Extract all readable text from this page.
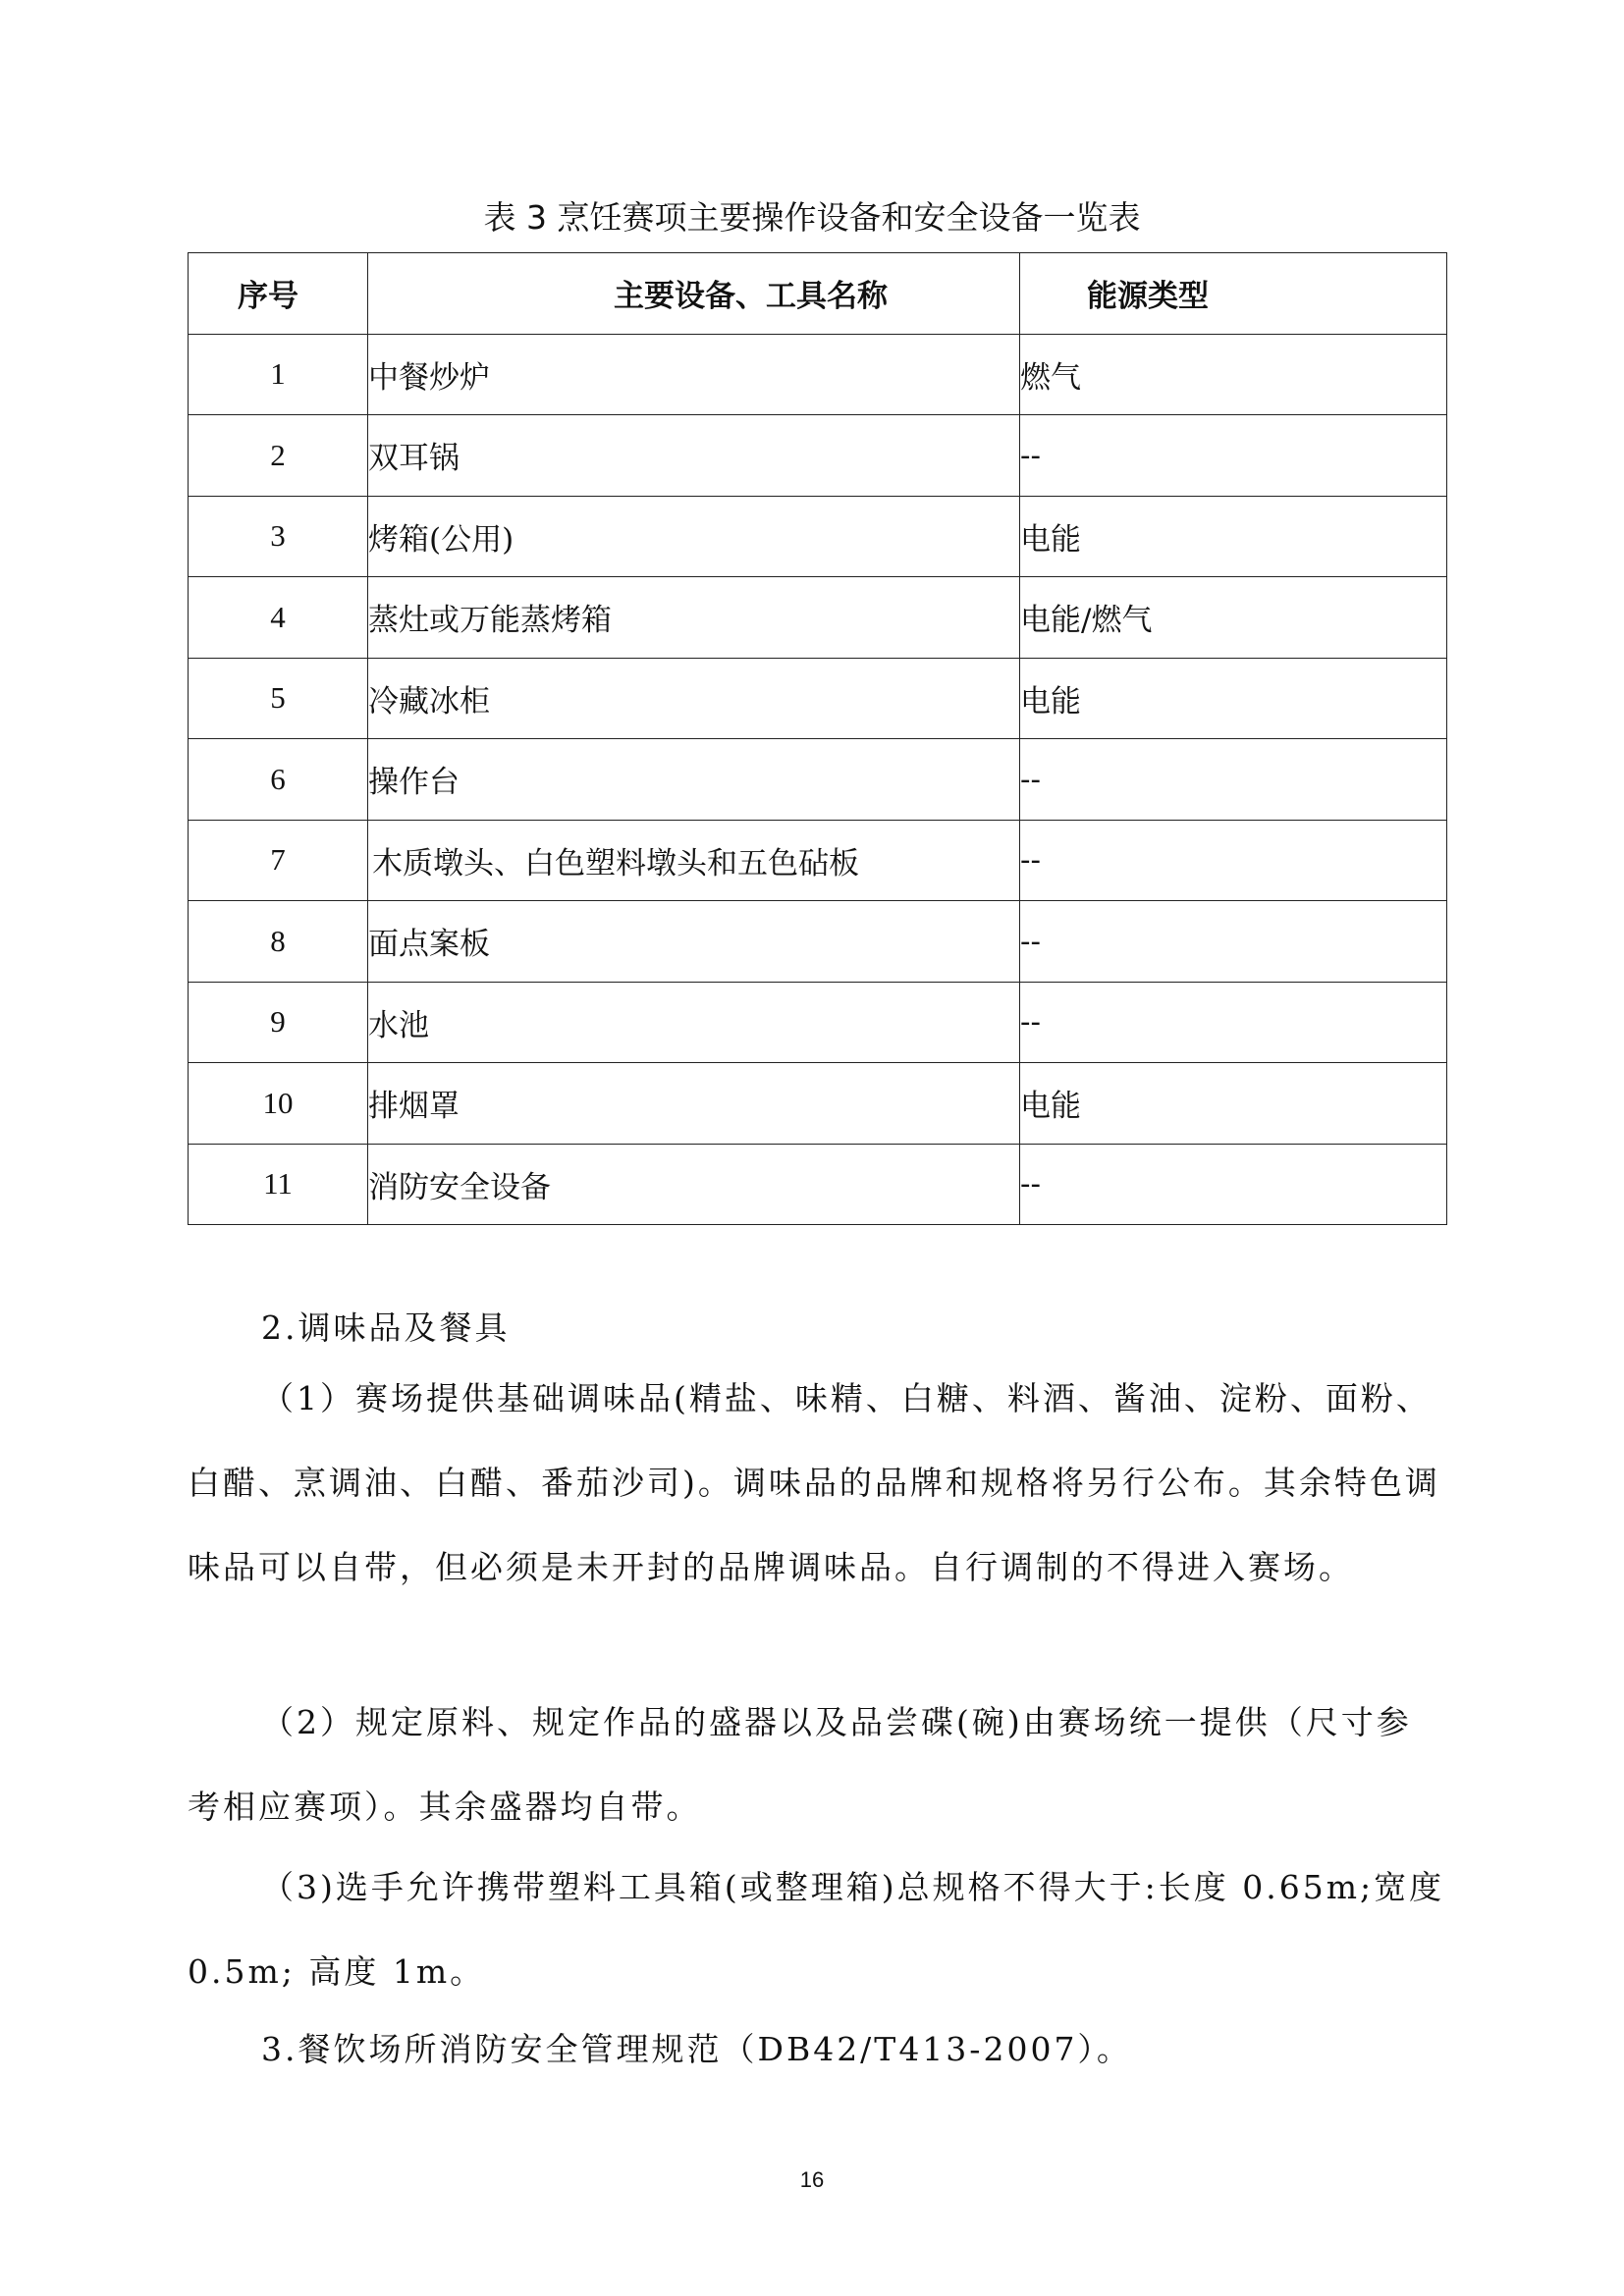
表 3 烹饪赛项主要操作设备和安全设备一览表
序号	主要设备、工具名称	能源类型
1	中餐炒炉	燃气
2	双耳锅	--
3	烤箱(公用)	电能
4	蒸灶或万能蒸烤箱	电能/燃气
5	冷藏冰柜	电能
6	操作台	--
7	木质墩头、白色塑料墩头和五色砧板	--
8	面点案板	--
9	水池	--
10	排烟罩	电能
11	消防安全设备	--

2.调味品及餐具

（1）赛场提供基础调味品(精盐、味精、白糖、料酒、酱油、淀粉、面粉、白醋、烹调油、白醋、番茄沙司)。调味品的品牌和规格将另行公布。其余特色调味品可以自带，但必须是未开封的品牌调味品。自行调制的不得进入赛场。

（2）规定原料、规定作品的盛器以及品尝碟(碗)由赛场统一提供（尺寸参考相应赛项）。其余盛器均自带。

（3)选手允许携带塑料工具箱(或整理箱)总规格不得大于:长度 0.65m;宽度 0.5m; 高度 1m。

3.餐饮场所消防安全管理规范（DB42/T413-2007）。

16
